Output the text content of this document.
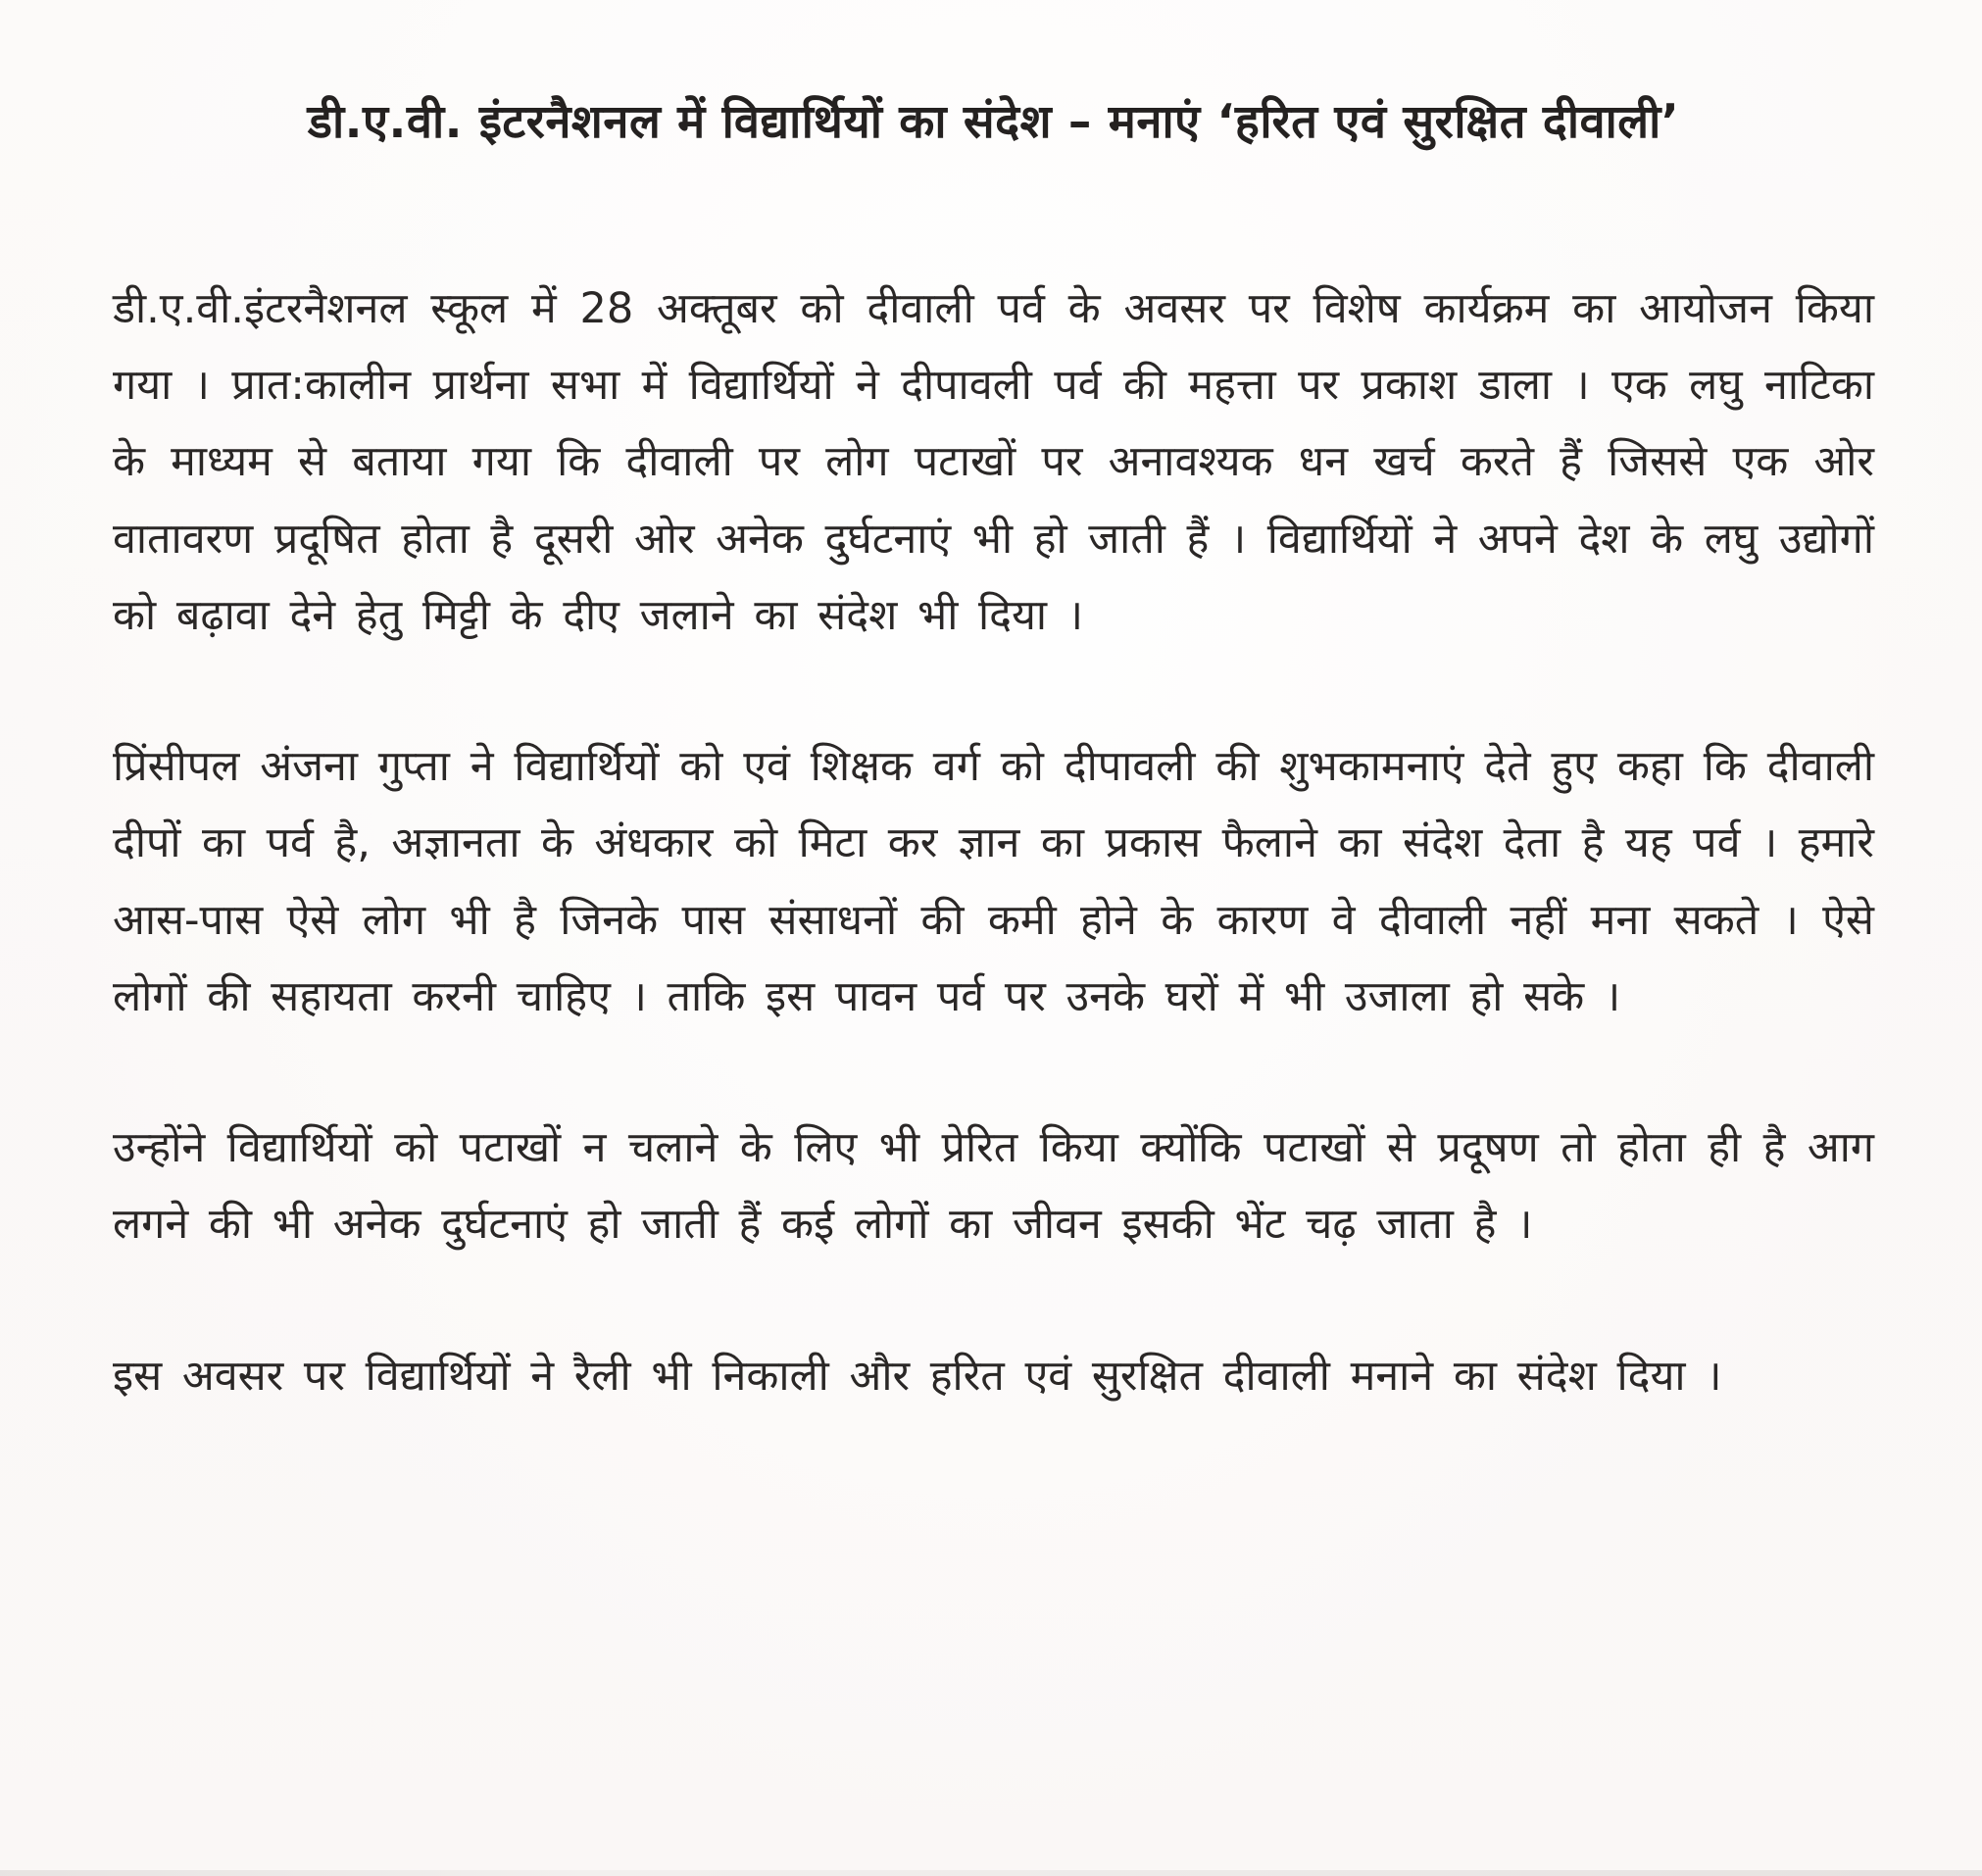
डी.ए.वी. इंटरनैशनल में विद्यार्थियों का संदेश – मनाएं ‘हरित एवं सुरक्षित दीवाली’

डी.ए.वी.इंटरनैशनल स्कूल में 28 अक्तूबर को दीवाली पर्व के अवसर पर विशेष कार्यक्रम का आयोजन किया गया । प्रात:कालीन प्रार्थना सभा में विद्यार्थियों ने दीपावली पर्व की महत्ता पर प्रकाश डाला । एक लघु नाटिका के माध्यम से बताया गया कि दीवाली पर लोग पटाखों पर अनावश्यक धन खर्च करते हैं जिससे एक ओर वातावरण प्रदूषित होता है दूसरी ओर अनेक दुर्घटनाएं भी हो जाती हैं । विद्यार्थियों ने अपने देश के लघु उद्योगों को बढ़ावा देने हेतु मिट्टी के दीए जलाने का संदेश भी दिया ।

प्रिंसीपल अंजना गुप्ता ने विद्यार्थियों को एवं शिक्षक वर्ग को दीपावली की शुभकामनाएं देते हुए कहा कि दीवाली दीपों का पर्व है, अज्ञानता के अंधकार को मिटा कर ज्ञान का प्रकास फैलाने का संदेश देता है यह पर्व । हमारे आस-पास ऐसे लोग भी है जिनके पास संसाधनों की कमी होने के कारण वे दीवाली नहीं मना सकते । ऐसे लोगों की सहायता करनी चाहिए । ताकि इस पावन पर्व पर उनके घरों में भी उजाला हो सके ।

उन्होंने विद्यार्थियों को पटाखों न चलाने के लिए भी प्रेरित किया क्योंकि पटाखों से प्रदूषण तो होता ही है आग लगने की भी अनेक दुर्घटनाएं हो जाती हैं कई लोगों का जीवन इसकी भेंट चढ़ जाता है ।

इस अवसर पर विद्यार्थियों ने रैली भी निकाली और हरित एवं सुरक्षित दीवाली मनाने का संदेश दिया ।
